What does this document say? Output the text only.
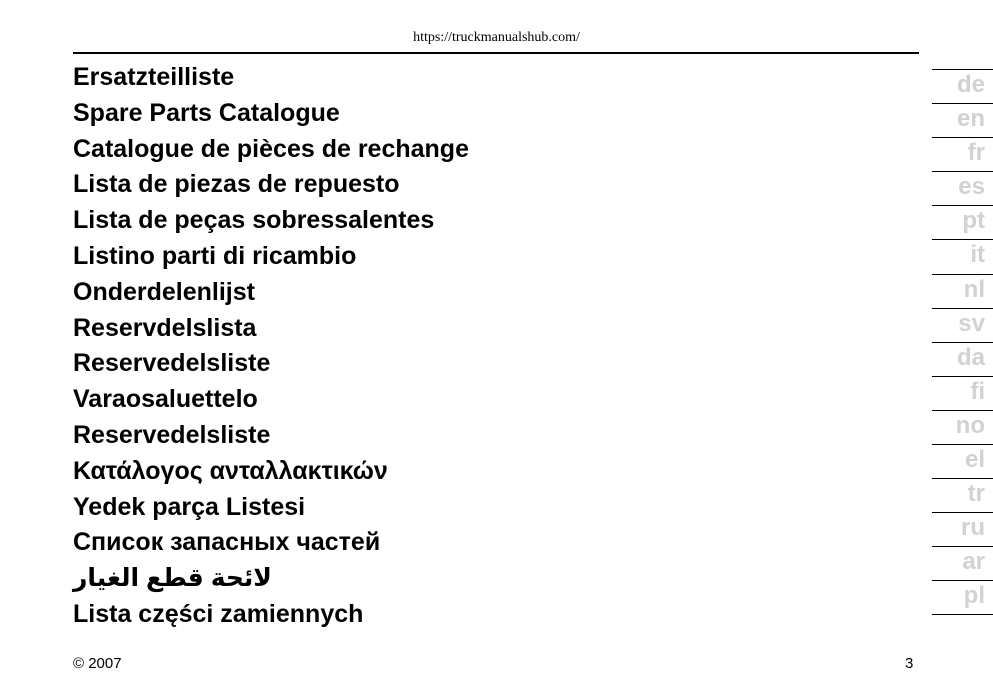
https://truckmanualshub.com/
Ersatzteilliste
Spare Parts Catalogue
Catalogue de pièces de rechange
Lista de piezas de repuesto
Lista de peças sobressalentes
Listino parti di ricambio
Onderdelenlijst
Reservdelslista
Reservedelsliste
Varaosaluettelo
Reservedelsliste
Κατάλογος ανταλλακτικών
Yedek parça Listesi
Список запасных частей
لائحة قطع الغيار
Lista części zamiennych
de
en
fr
es
pt
it
nl
sv
da
fi
no
el
tr
ru
ar
pl
© 2007	3
